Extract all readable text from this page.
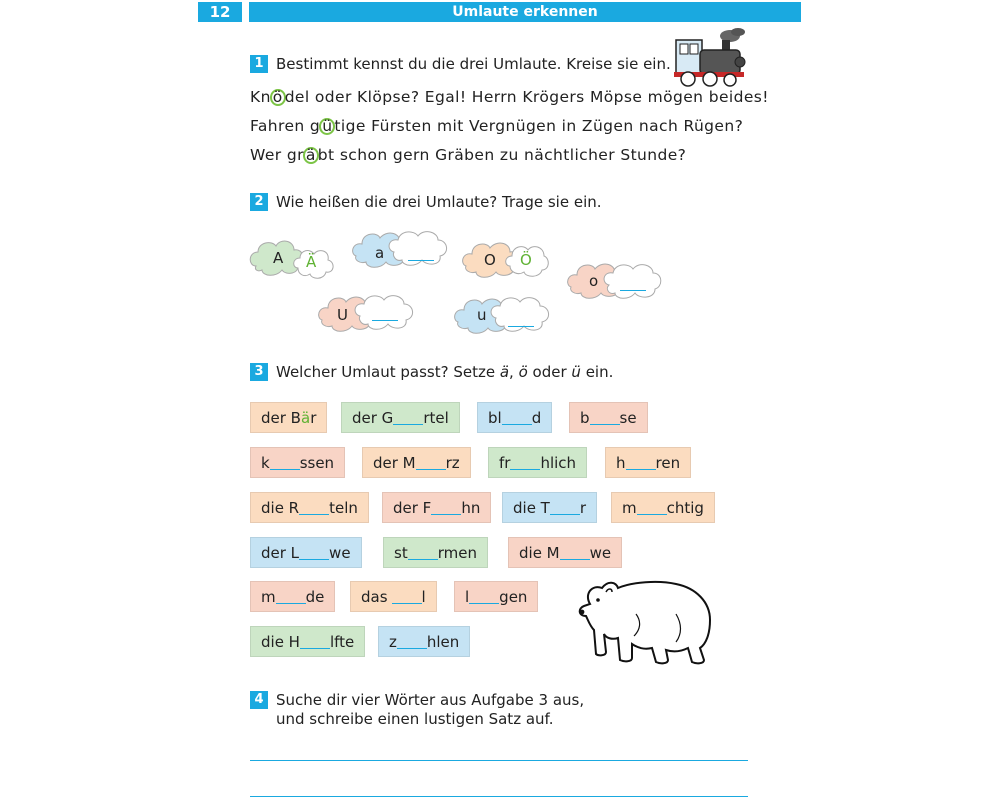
12	Umlaute erkennen
1 Bestimmt kennst du die drei Umlaute. Kreise sie ein.
Kn ö del oder Klöpse? Egal! Herrn Krögers Möpse mögen beides!
Fahren g ü tige Fürsten mit Vergnügen in Zügen nach Rügen?
Wer gr ä bt schon gern Gräben zu nächtlicher Stunde?
2 Wie heißen die drei Umlaute? Trage sie ein.
A Ä	a	O Ö
o
U	u
3 Welcher Umlaut passt? Setze ä, ö oder ü ein.
der Bär	der G rtel	bl d	b se
k ssen	der M rz	fr hlich	h ren
die R teln	der F hn	die T r	m chtig
der L we	st rmen	die M we
m de	das l	l gen
die H lfte	z hlen
4 Suche dir vier Wörter aus Aufgabe 3 aus,
und schreibe einen lustigen Satz auf.
